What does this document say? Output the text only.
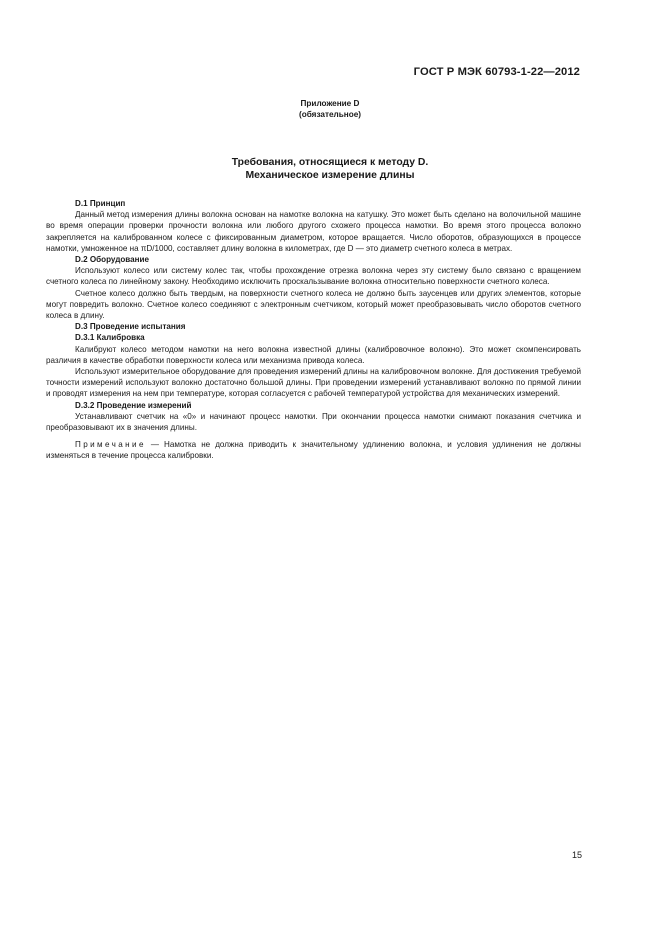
ГОСТ Р МЭК 60793-1-22—2012
Приложение D
(обязательное)
Требования, относящиеся к методу D.
Механическое измерение длины
D.1 Принцип

Данный метод измерения длины волокна основан на намотке волокна на катушку. Это может быть сделано на волочильной машине во время операции проверки прочности волокна или любого другого схожего процесса намотки. Во время этого процесса волокно закрепляется на калиброванном колесе с фиксированным диаметром, которое вращается. Число оборотов, образующихся в процессе намотки, умноженное на πD/1000, составляет длину волокна в километрах, где D — это диаметр счетного колеса в метрах.

D.2 Оборудование

Используют колесо или систему колес так, чтобы прохождение отрезка волокна через эту систему было связано с вращением счетного колеса по линейному закону. Необходимо исключить проскальзывание волокна относительно поверхности счетного колеса.

Счетное колесо должно быть твердым, на поверхности счетного колеса не должно быть заусенцев или других элементов, которые могут повредить волокно. Счетное колесо соединяют с электронным счетчиком, который может преобразовывать число оборотов счетного колеса в длину.

D.3 Проведение испытания
D.3.1 Калибровка

Калибруют колесо методом намотки на него волокна известной длины (калибровочное волокно). Это может скомпенсировать различия в качестве обработки поверхности колеса или механизма привода колеса.

Используют измерительное оборудование для проведения измерений длины на калибровочном волокне. Для достижения требуемой точности измерений используют волокно достаточно большой длины. При проведении измерений устанавливают волокно по прямой линии и проводят измерения на нем при температуре, которая согласуется с рабочей температурой устройства для механических измерений.

D.3.2 Проведение измерений

Устанавливают счетчик на «0» и начинают процесс намотки. При окончании процесса намотки снимают показания счетчика и преобразовывают их в значения длины.

Примечание — Намотка не должна приводить к значительному удлинению волокна, и условия удлинения не должны изменяться в течение процесса калибровки.

15
